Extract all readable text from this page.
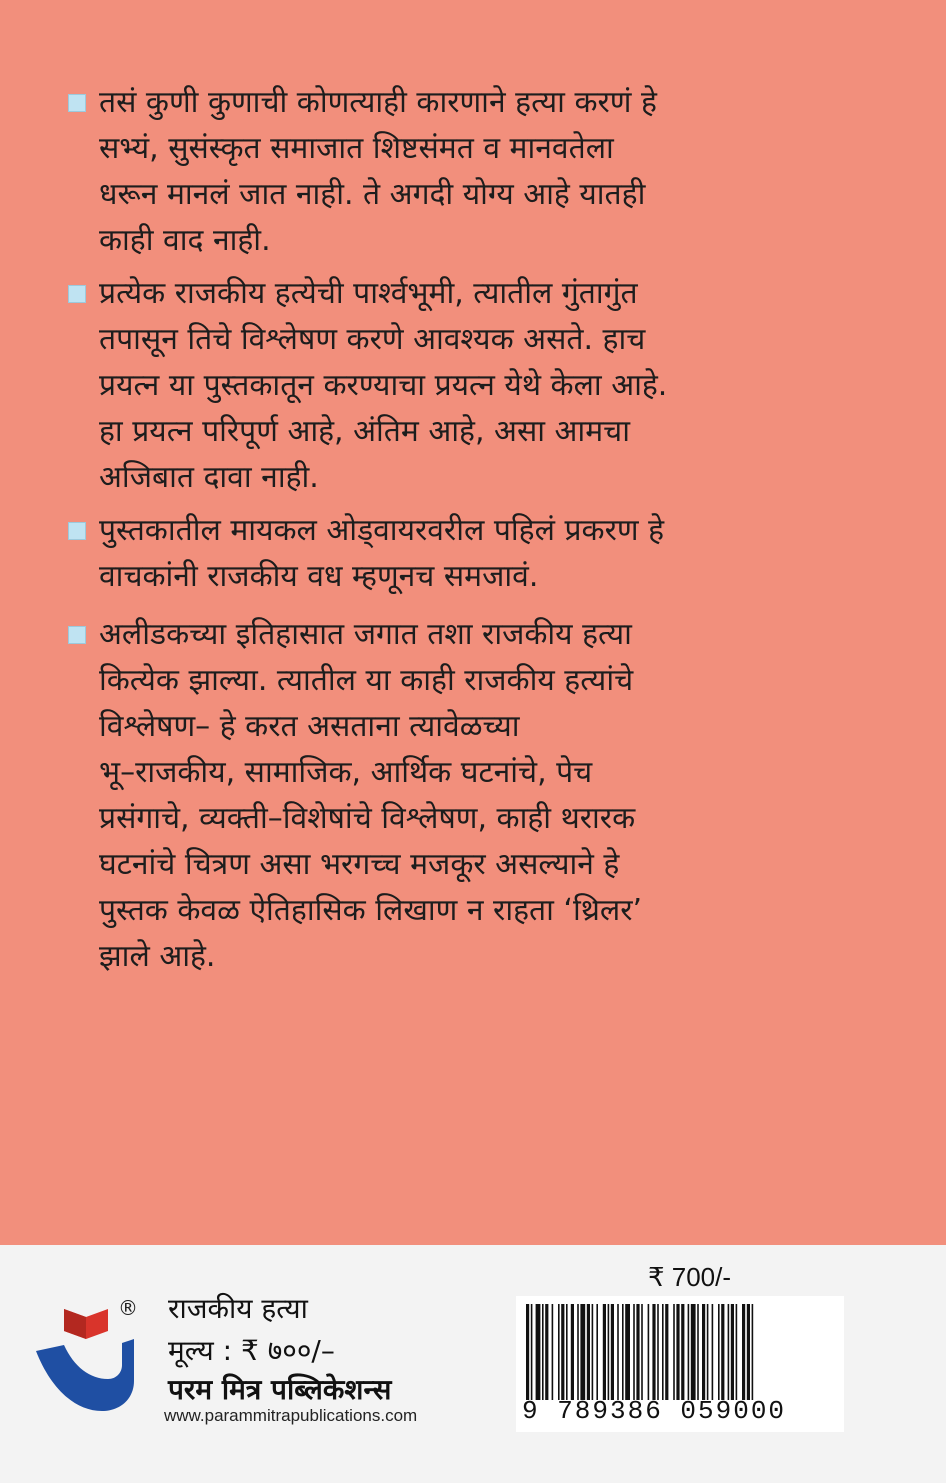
तसं कुणी कुणाची कोणत्याही कारणाने हत्या करणं हे
सभ्यं, सुसंस्कृत समाजात शिष्टसंमत व मानवतेला
धरून मानलं जात नाही. ते अगदी योग्य आहे यातही
काही वाद नाही.
प्रत्येक राजकीय हत्येची पार्श्वभूमी, त्यातील गुंतागुंत
तपासून तिचे विश्लेषण करणे आवश्यक असते. हाच
प्रयत्न या पुस्तकातून करण्याचा प्रयत्न येथे केला आहे.
हा प्रयत्न परिपूर्ण आहे, अंतिम आहे, असा आमचा
अजिबात दावा नाही.
पुस्तकातील मायकल ओड्वायरवरील पहिलं प्रकरण हे
वाचकांनी राजकीय वध म्हणूनच समजावं.
अलीडकच्या इतिहासात जगात तशा राजकीय हत्या
कित्येक झाल्या. त्यातील या काही राजकीय हत्यांचे
विश्लेषण– हे करत असताना त्यावेळच्या
भू–राजकीय, सामाजिक, आर्थिक घटनांचे, पेच
प्रसंगाचे, व्यक्ती–विशेषांचे विश्लेषण, काही थरारक
घटनांचे चित्रण असा भरगच्च मजकूर असल्याने हे
पुस्तक केवळ ऐतिहासिक लिखाण न राहता ‘थ्रिलर’
झाले आहे.
® राजकीय हत्या
मूल्य : ₹ ७००/–
परम मित्र पब्लिकेशन्स
www.parammitrapublications.com
₹ 700/-
9 789386 059000
